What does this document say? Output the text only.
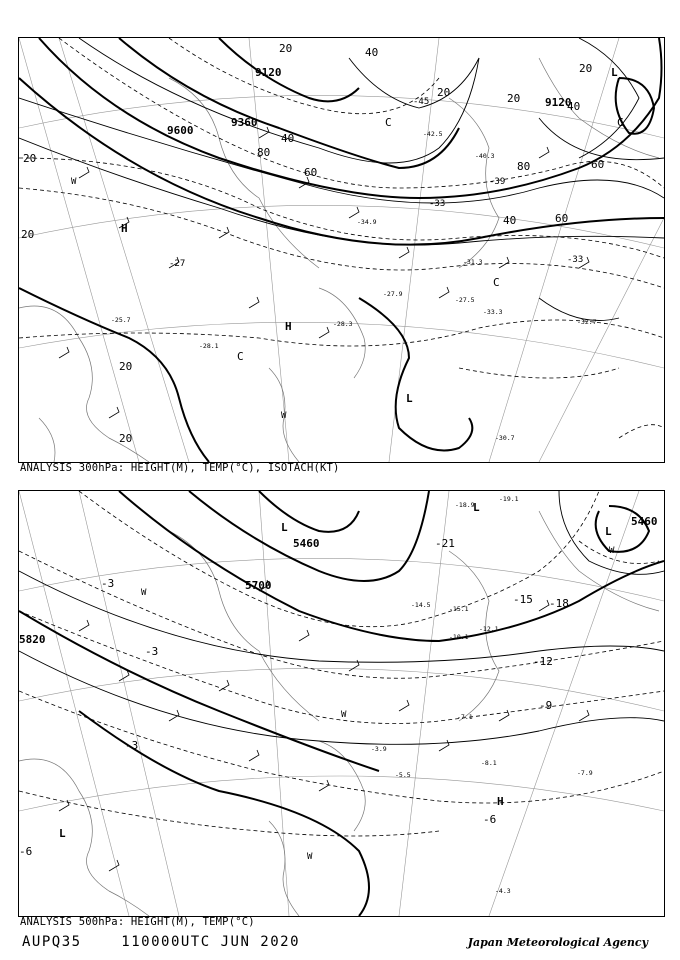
9120
9120
9600
9360
20
40
60
80
40
20	20
20
20
60
40
80
60
40
20
20
20
-33
-39
-45
-27	-33
H
H
L
L
C
C
C	C
W
W
-25.7
-28.1
-27.9
-33.3
-30.7
-31.3
-34.9
-28.3	-32.7
-27.5
-40.3
-42.5
ANALYSIS 300hPa: HEIGHT(M), TEMP(°C), ISOTACH(KT)
5460
5460
5700
5820
-15 -18
-21
-12
-9
-6
-3
-3
-3
-6
L
L
H
L
L
W
W
W
W
-18.9
-19.1
-14.5
-10.1
-5.5
-8.1
-7.9
-4.3
-3.9
-7.1
-15.1
-12.1
ANALYSIS 500hPa: HEIGHT(M), TEMP(°C)
AUPQ35	110000UTC JUN 2020	Japan Meteorological Agency
